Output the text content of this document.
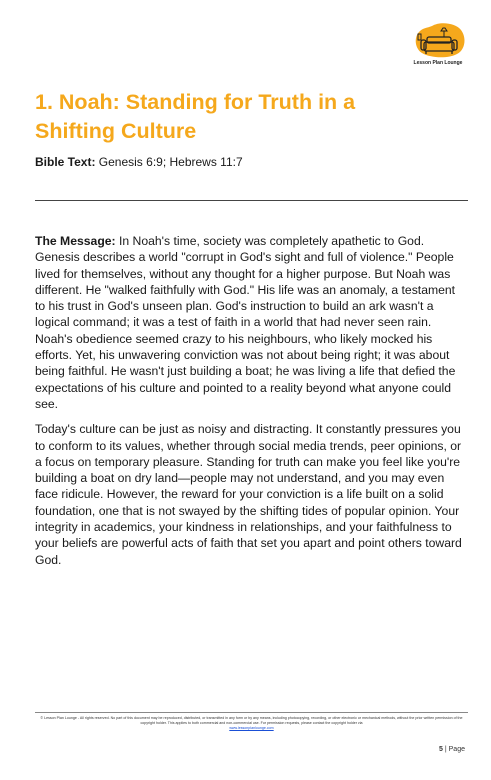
Lesson Plan Lounge
1. Noah: Standing for Truth in a
Shifting Culture
Bible Text: Genesis 6:9; Hebrews 11:7

The Message: In Noah's time, society was completely apathetic to God. Genesis describes a world "corrupt in God's sight and full of violence." People lived for themselves, without any thought for a higher purpose. But Noah was different. He "walked faithfully with God." His life was an anomaly, a testament to his trust in God's unseen plan. God's instruction to build an ark wasn't a logical command; it was a test of faith in a world that had never seen rain. Noah's obedience seemed crazy to his neighbours, who likely mocked his efforts. Yet, his unwavering conviction was not about being right; it was about being faithful. He wasn't just building a boat; he was living a life that defied the expectations of his culture and pointed to a reality beyond what anyone could see.

Today's culture can be just as noisy and distracting. It constantly pressures you to conform to its values, whether through social media trends, peer opinions, or a focus on temporary pleasure. Standing for truth can make you feel like you're building a boat on dry land—people may not understand, and you may even face ridicule. However, the reward for your conviction is a life built on a solid foundation, one that is not swayed by the shifting tides of popular opinion. Your integrity in academics, your kindness in relationships, and your faithfulness to your beliefs are powerful acts of faith that set you apart and point others toward God.

© Lesson Plan Lounge - All rights reserved. No part of this document may be reproduced, distributed, or transmitted in any form or by any means, including photocopying, recording, or other electronic or mechanical methods, without the prior written permission of the copyright holder. This applies to both commercial and non-commercial use. For permission requests, please contact the copyright holder via
www.lessonplanlounge.com
5 | Page
